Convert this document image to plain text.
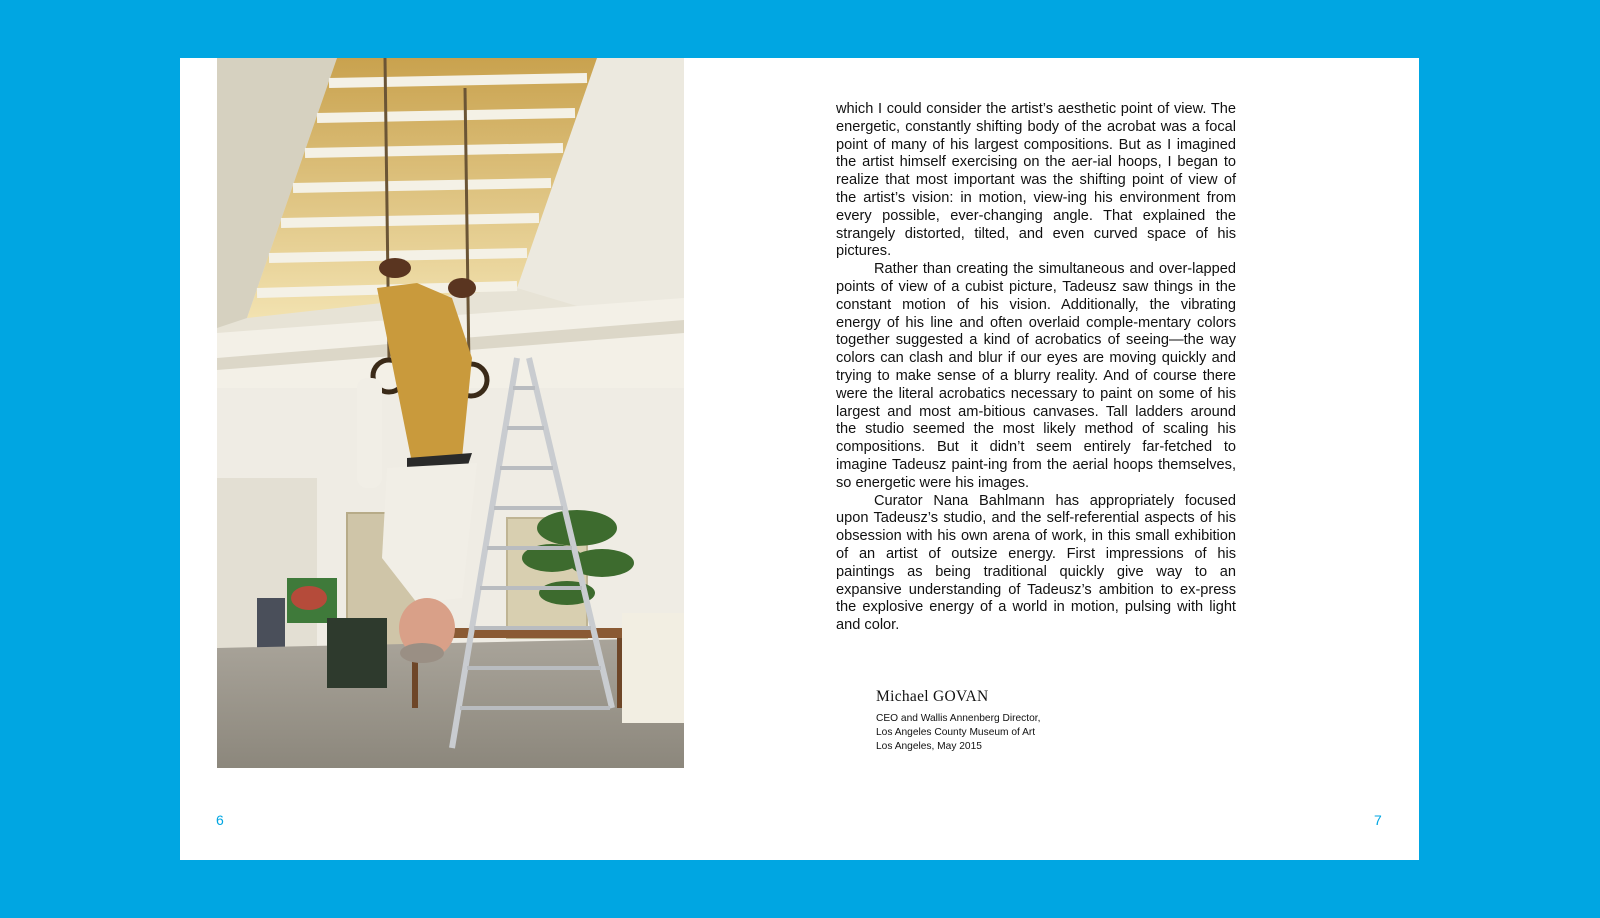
which I could consider the artist’s aesthetic point of view. The energetic, constantly shifting body of the acrobat was a focal point of many of his largest compositions. But as I imagined the artist himself exercising on the aer-ial hoops, I began to realize that most important was the shifting point of view of the artist’s vision: in motion, view-ing his environment from every possible, ever-changing angle. That explained the strangely distorted, tilted, and even curved space of his pictures.

Rather than creating the simultaneous and over-lapped points of view of a cubist picture, Tadeusz saw things in the constant motion of his vision. Additionally, the vibrating energy of his line and often overlaid comple-mentary colors together suggested a kind of acrobatics of seeing—the way colors can clash and blur if our eyes are moving quickly and trying to make sense of a blurry reality. And of course there were the literal acrobatics necessary to paint on some of his largest and most am-bitious canvases. Tall ladders around the studio seemed the most likely method of scaling his compositions. But it didn’t seem entirely far-fetched to imagine Tadeusz paint-ing from the aerial hoops themselves, so energetic were his images.

Curator Nana Bahlmann has appropriately focused upon Tadeusz’s studio, and the self-referential aspects of his obsession with his own arena of work, in this small exhibition of an artist of outsize energy. First impressions of his paintings as being traditional quickly give way to an expansive understanding of Tadeusz’s ambition to ex-press the explosive energy of a world in motion, pulsing with light and color.

Michael GOVAN
CEO and Wallis Annenberg Director,
Los Angeles County Museum of Art
Los Angeles, May 2015
6	7
